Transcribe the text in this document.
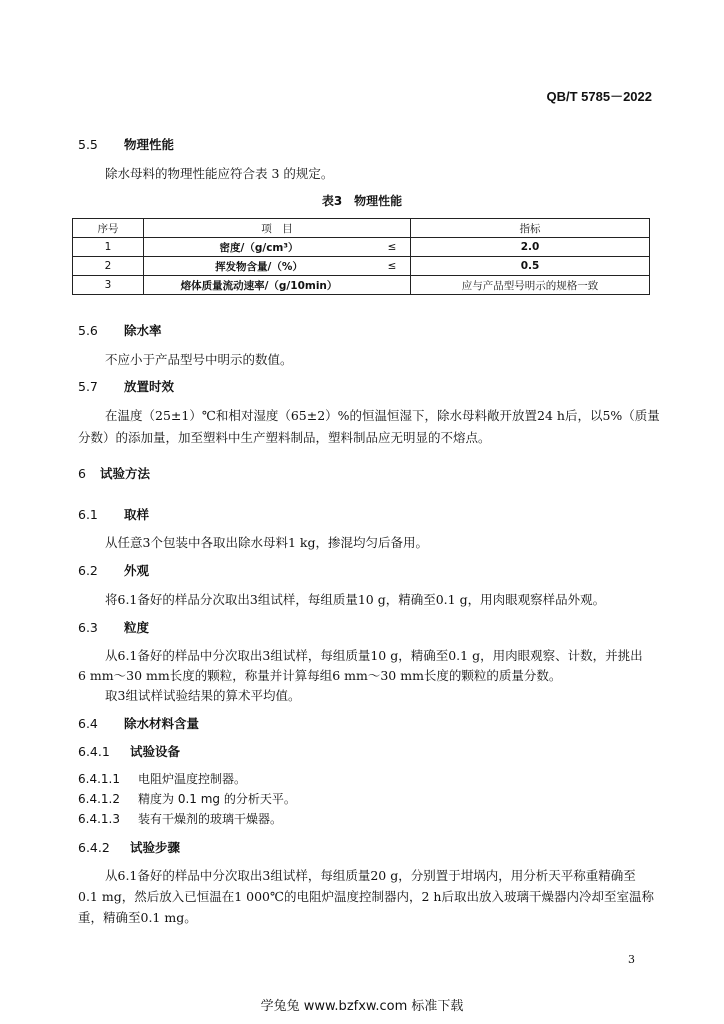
QB/T 5785－2022
5.5 物理性能
除水母料的物理性能应符合表 3 的规定。
表3　物理性能
序号	项　目		指标
1	密度/（g/cm³）	≤	2.0
2	挥发物含量/（%）	≤	0.5
3	熔体质量流动速率/（g/10min）		应与产品型号明示的规格一致
5.6 除水率
不应小于产品型号中明示的数值。
5.7 放置时效
在温度（25±1）℃和相对湿度（65±2）%的恒温恒湿下，除水母料敞开放置24 h后，以5%（质量
分数）的添加量，加至塑料中生产塑料制品，塑料制品应无明显的不熔点。
6 试验方法
6.1 取样
从任意3个包装中各取出除水母料1 kg，掺混均匀后备用。
6.2 外观
将6.1备好的样品分次取出3组试样，每组质量10 g，精确至0.1 g，用肉眼观察样品外观。
6.3 粒度
从6.1备好的样品中分次取出3组试样，每组质量10 g，精确至0.1 g，用肉眼观察、计数，并挑出
6 mm～30 mm长度的颗粒，称量并计算每组6 mm～30 mm长度的颗粒的质量分数。
取3组试样试验结果的算术平均值。
6.4 除水材料含量
6.4.1 试验设备
6.4.1.1 电阻炉温度控制器。
6.4.1.2 精度为 0.1 mg 的分析天平。
6.4.1.3 装有干燥剂的玻璃干燥器。
6.4.2 试验步骤
从6.1备好的样品中分次取出3组试样，每组质量20 g，分别置于坩埚内，用分析天平称重精确至
0.1 mg，然后放入已恒温在1 000℃的电阻炉温度控制器内，2 h后取出放入玻璃干燥器内冷却至室温称
重，精确至0.1 mg。
3
学兔兔 www.bzfxw.com 标准下载
